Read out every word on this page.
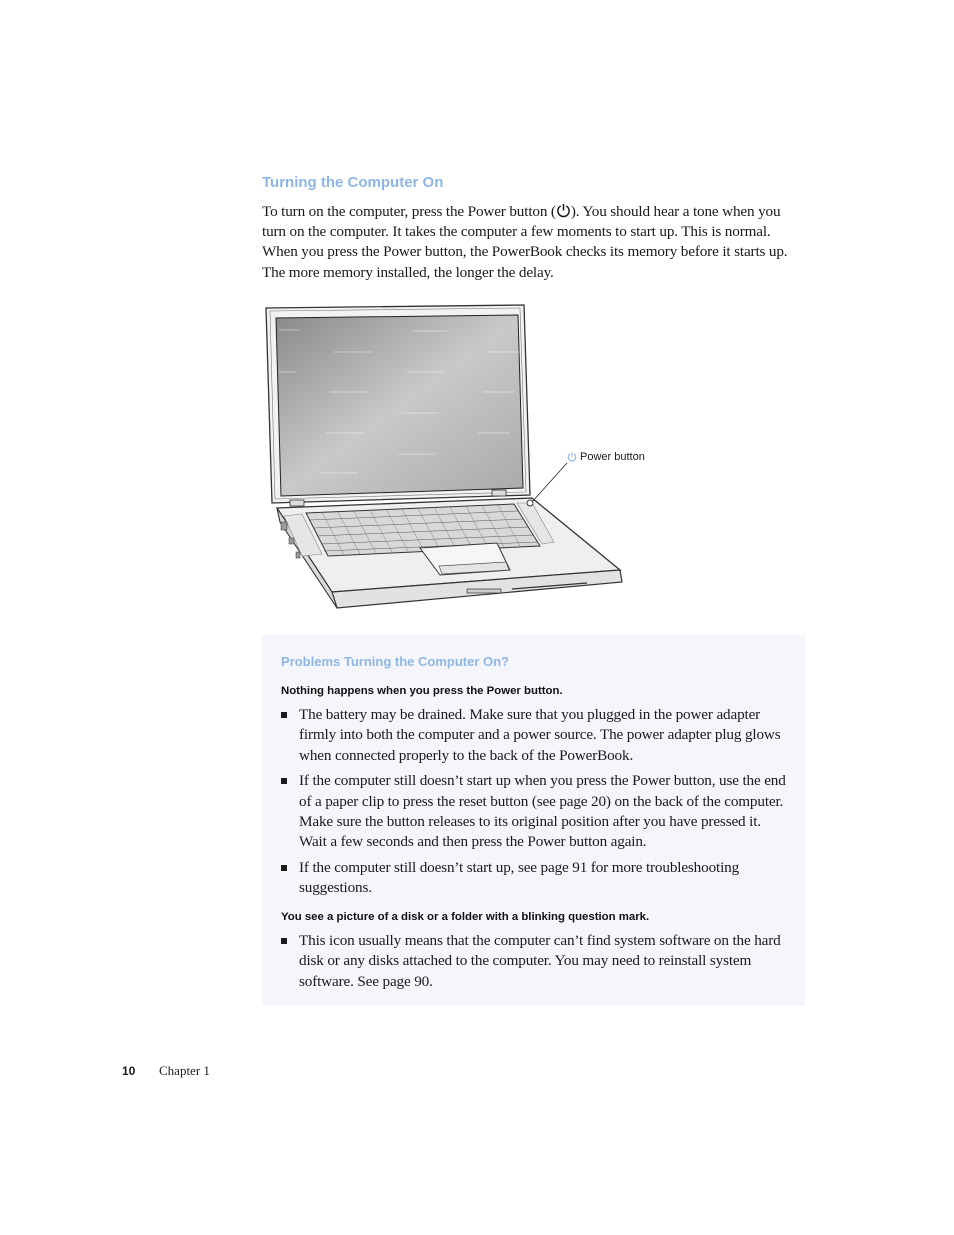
Turning the Computer On

To turn on the computer, press the Power button ( ). You should hear a tone when you turn on the computer. It takes the computer a few moments to start up. This is normal. When you press the Power button, the PowerBook checks its memory before it starts up. The more memory installed, the longer the delay.

Power button
Problems Turning the Computer On?
Nothing happens when you press the Power button.
The battery may be drained. Make sure that you plugged in the power adapter firmly into both the computer and a power source. The power adapter plug glows when connected properly to the back of the PowerBook.
If the computer still doesn’t start up when you press the Power button, use the end of a paper clip to press the reset button (see page 20) on the back of the computer. Make sure the button releases to its original position after you have pressed it. Wait a few seconds and then press the Power button again.
If the computer still doesn’t start up, see page 91 for more troubleshooting suggestions.
You see a picture of a disk or a folder with a blinking question mark.
This icon usually means that the computer can’t find system software on the hard disk or any disks attached to the computer. You may need to reinstall system software. See page 90.
10 Chapter 1
